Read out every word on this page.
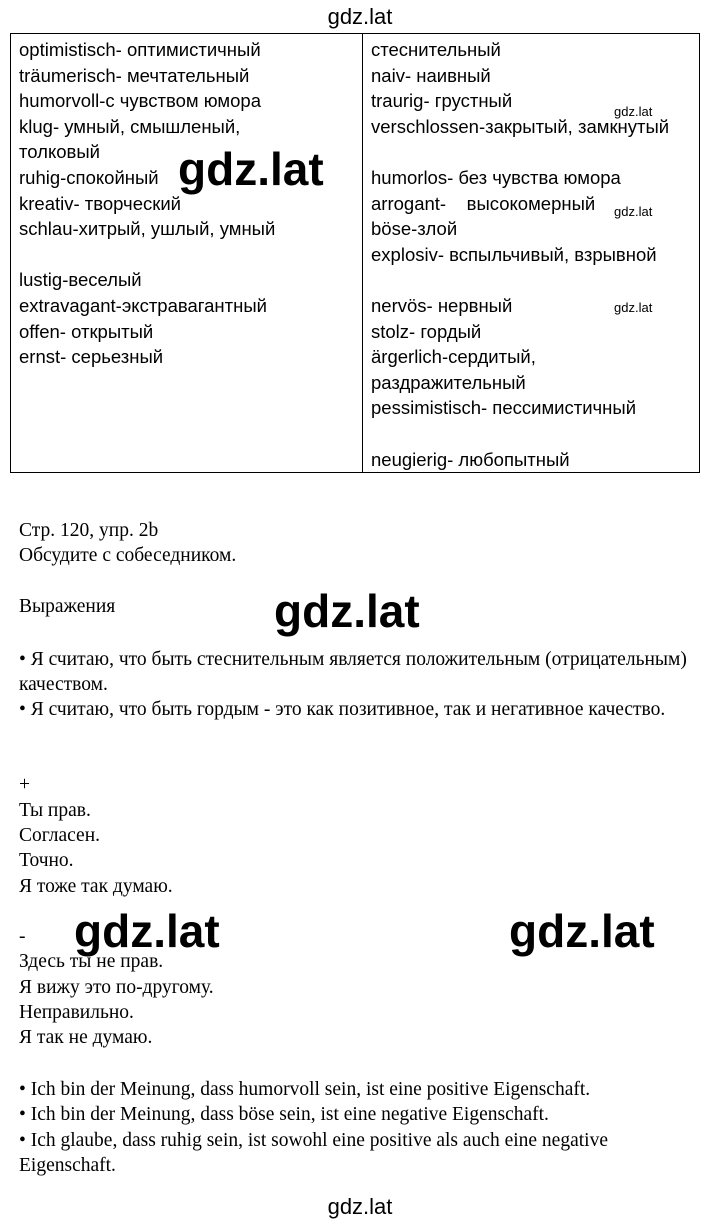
gdz.lat
optimistisch- оптимистичный
träumerisch- мечтательный
humorvoll-с чувством юмора
klug- умный, смышленый,
толковый
ruhig-спокойный
kreativ- творческий
schlau-хитрый, ушлый, умный
lustig-веселый
extravagant-экстравагантный
offen- открытый
ernst- серьезный

стеснительный
naiv- наивный
traurig- грустный
verschlossen-закрытый, замкнутый
humorlos- без чувства юмора
arrogant-    высокомерный
böse-злой
explosiv- вспыльчивый, взрывной
nervös- нервный
stolz- гордый
ärgerlich-сердитый,
раздражительный
pessimistisch- пессимистичный
neugierig- любопытный
Стр. 120, упр. 2b
Обсудите с собеседником.
Выражения
• Я считаю, что быть стеснительным является положительным (отрицательным) качеством.
• Я считаю, что быть гордым - это как позитивное, так и негативное качество.
+
Ты прав.
Согласен.
Точно.
Я тоже так думаю.
-
Здесь ты не прав.
Я вижу это по-другому.
Неправильно.
Я так не думаю.
• Ich bin der Meinung, dass humorvoll sein, ist eine positive Eigenschaft.
• Ich bin der Meinung, dass böse sein, ist eine negative Eigenschaft.
• Ich glaube, dass ruhig sein, ist sowohl eine positive als auch eine negative Eigenschaft.
gdz.lat
gdz.lat
gdz.lat	gdz.lat
gdz.lat
gdz.lat
gdz.lat
gdz.lat
